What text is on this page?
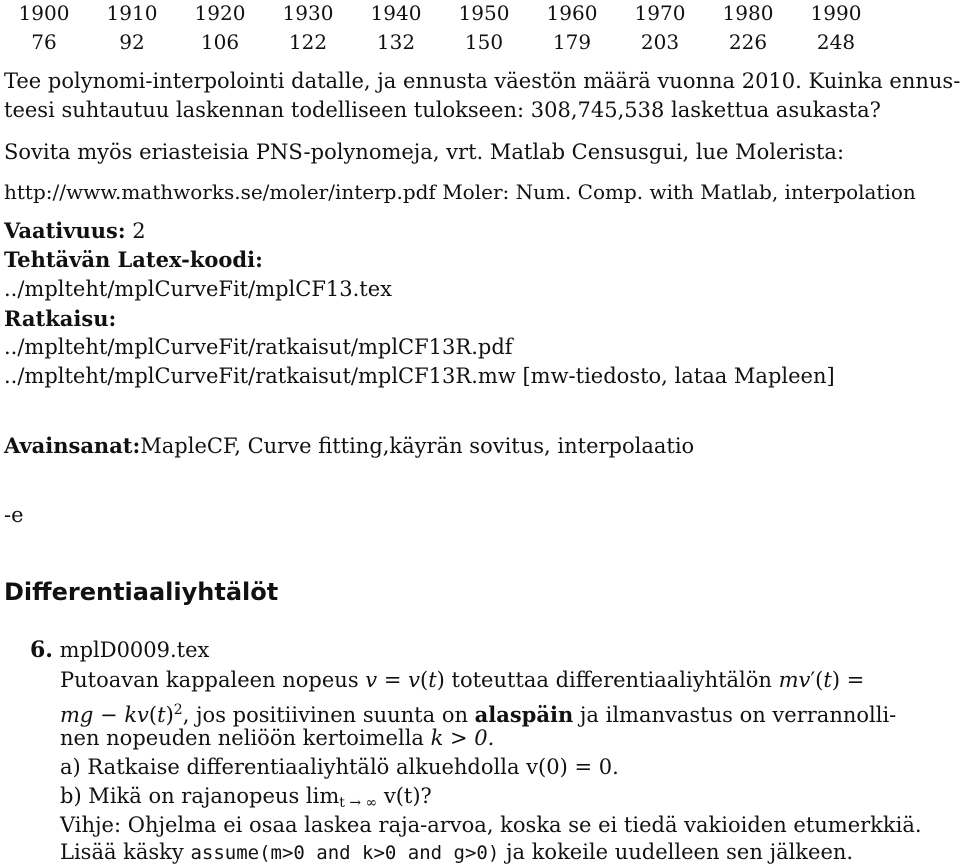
1900	1910	1920	1930	1940	1950	1960	1970	1980	1990
76	92	106	122	132	150	179	203	226	248
Tee polynomi-interpolointi datalle, ja ennusta väestön määrä vuonna 2010. Kuinka ennus-
teesi suhtautuu laskennan todelliseen tulokseen: 308,745,538 laskettua asukasta?
Sovita myös eriasteisia PNS-polynomeja, vrt. Matlab Censusgui, lue Molerista:
http://www.mathworks.se/moler/interp.pdf Moler: Num. Comp. with Matlab, interpolation
Vaativuus: 2
Tehtävän Latex-koodi:
../mplteht/mplCurveFit/mplCF13.tex
Ratkaisu:
../mplteht/mplCurveFit/ratkaisut/mplCF13R.pdf
../mplteht/mplCurveFit/ratkaisut/mplCF13R.mw [mw-tiedosto, lataa Mapleen]
Avainsanat:MapleCF, Curve fitting,käyrän sovitus, interpolaatio
-e
Differentiaaliyhtälöt
6. mplD0009.tex
Putoavan kappaleen nopeus v = v(t) toteuttaa differentiaaliyhtälön mv′(t) =
mg − $kv(t)^2$, jos positiivinen suunta on alaspäin ja ilmanvastus on verrannolli-
nen nopeuden neliöön kertoimella k > 0.
a) Ratkaise differentiaaliyhtälö alkuehdolla v(0) = 0.
b) Mikä on rajanopeus $\lim_{t \to \infty} v(t)$?
Vihje: Ohjelma ei osaa laskea raja-arvoa, koska se ei tiedä vakioiden etumerkkiä.
Lisää käsky assume(m>0 and k>0 and g>0) ja kokeile uudelleen sen jälkeen.
